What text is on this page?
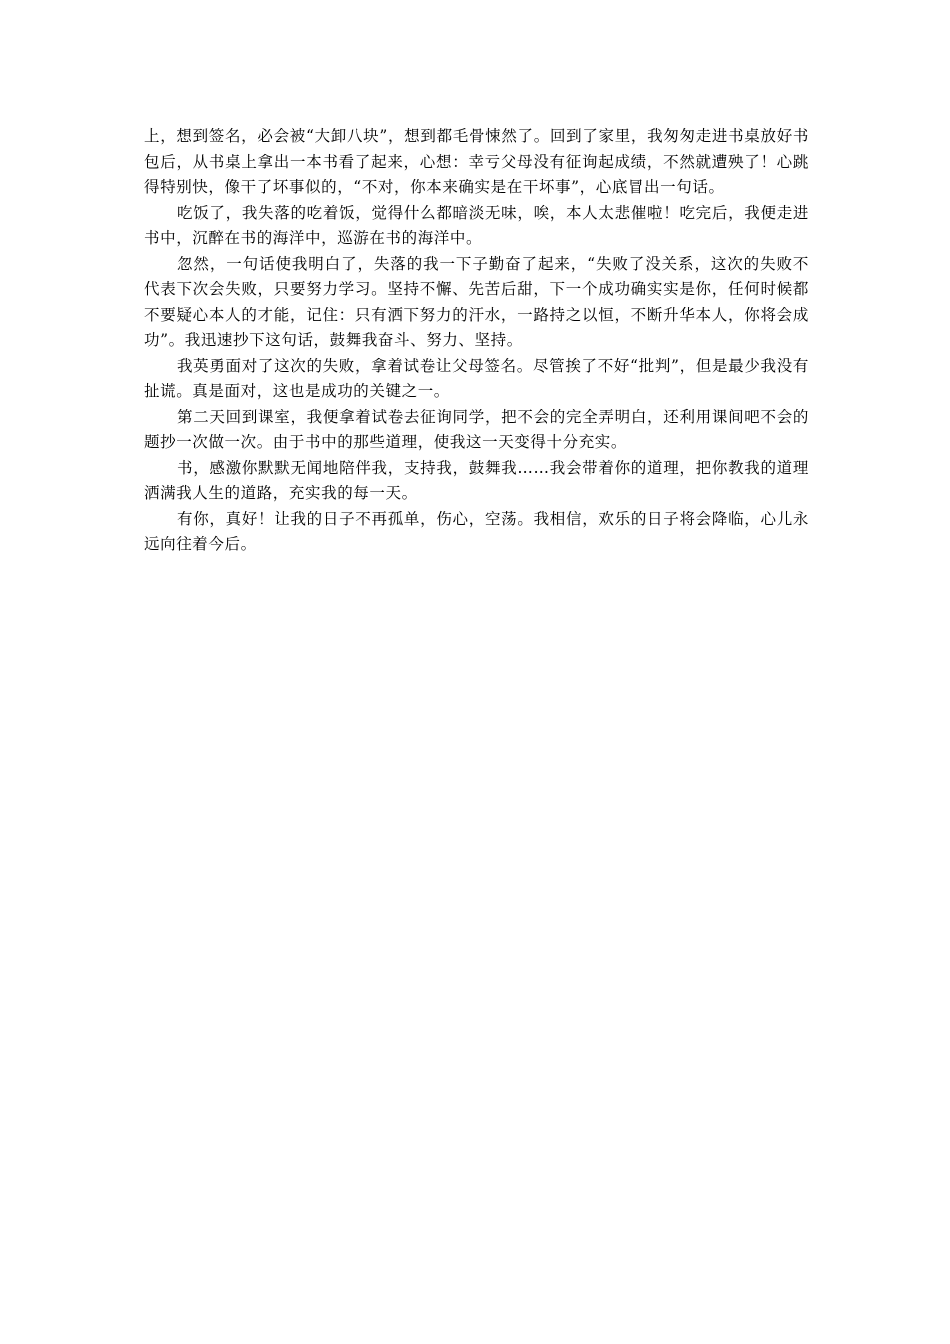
上，想到签名，必会被“大卸八块”，想到都毛骨悚然了。回到了家里，我匆匆走进书桌放好书包后，从书桌上拿出一本书看了起来，心想：幸亏父母没有征询起成绩，不然就遭殃了！心跳得特别快，像干了坏事似的，“不对，你本来确实是在干坏事”，心底冒出一句话。

吃饭了，我失落的吃着饭，觉得什么都暗淡无味，唉，本人太悲催啦！吃完后，我便走进书中，沉醉在书的海洋中，巡游在书的海洋中。

忽然，一句话使我明白了，失落的我一下子勤奋了起来，“失败了没关系，这次的失败不代表下次会失败，只要努力学习。坚持不懈、先苦后甜，下一个成功确实实是你，任何时候都不要疑心本人的才能，记住：只有洒下努力的汗水，一路持之以恒，不断升华本人，你将会成功”。我迅速抄下这句话，鼓舞我奋斗、努力、坚持。

我英勇面对了这次的失败，拿着试卷让父母签名。尽管挨了不好“批判”，但是最少我没有扯谎。真是面对，这也是成功的关键之一。

第二天回到课室，我便拿着试卷去征询同学，把不会的完全弄明白，还利用课间吧不会的题抄一次做一次。由于书中的那些道理，使我这一天变得十分充实。

书，感激你默默无闻地陪伴我，支持我，鼓舞我……我会带着你的道理，把你教我的道理洒满我人生的道路，充实我的每一天。

有你，真好！让我的日子不再孤单，伤心，空荡。我相信，欢乐的日子将会降临，心儿永远向往着今后。
